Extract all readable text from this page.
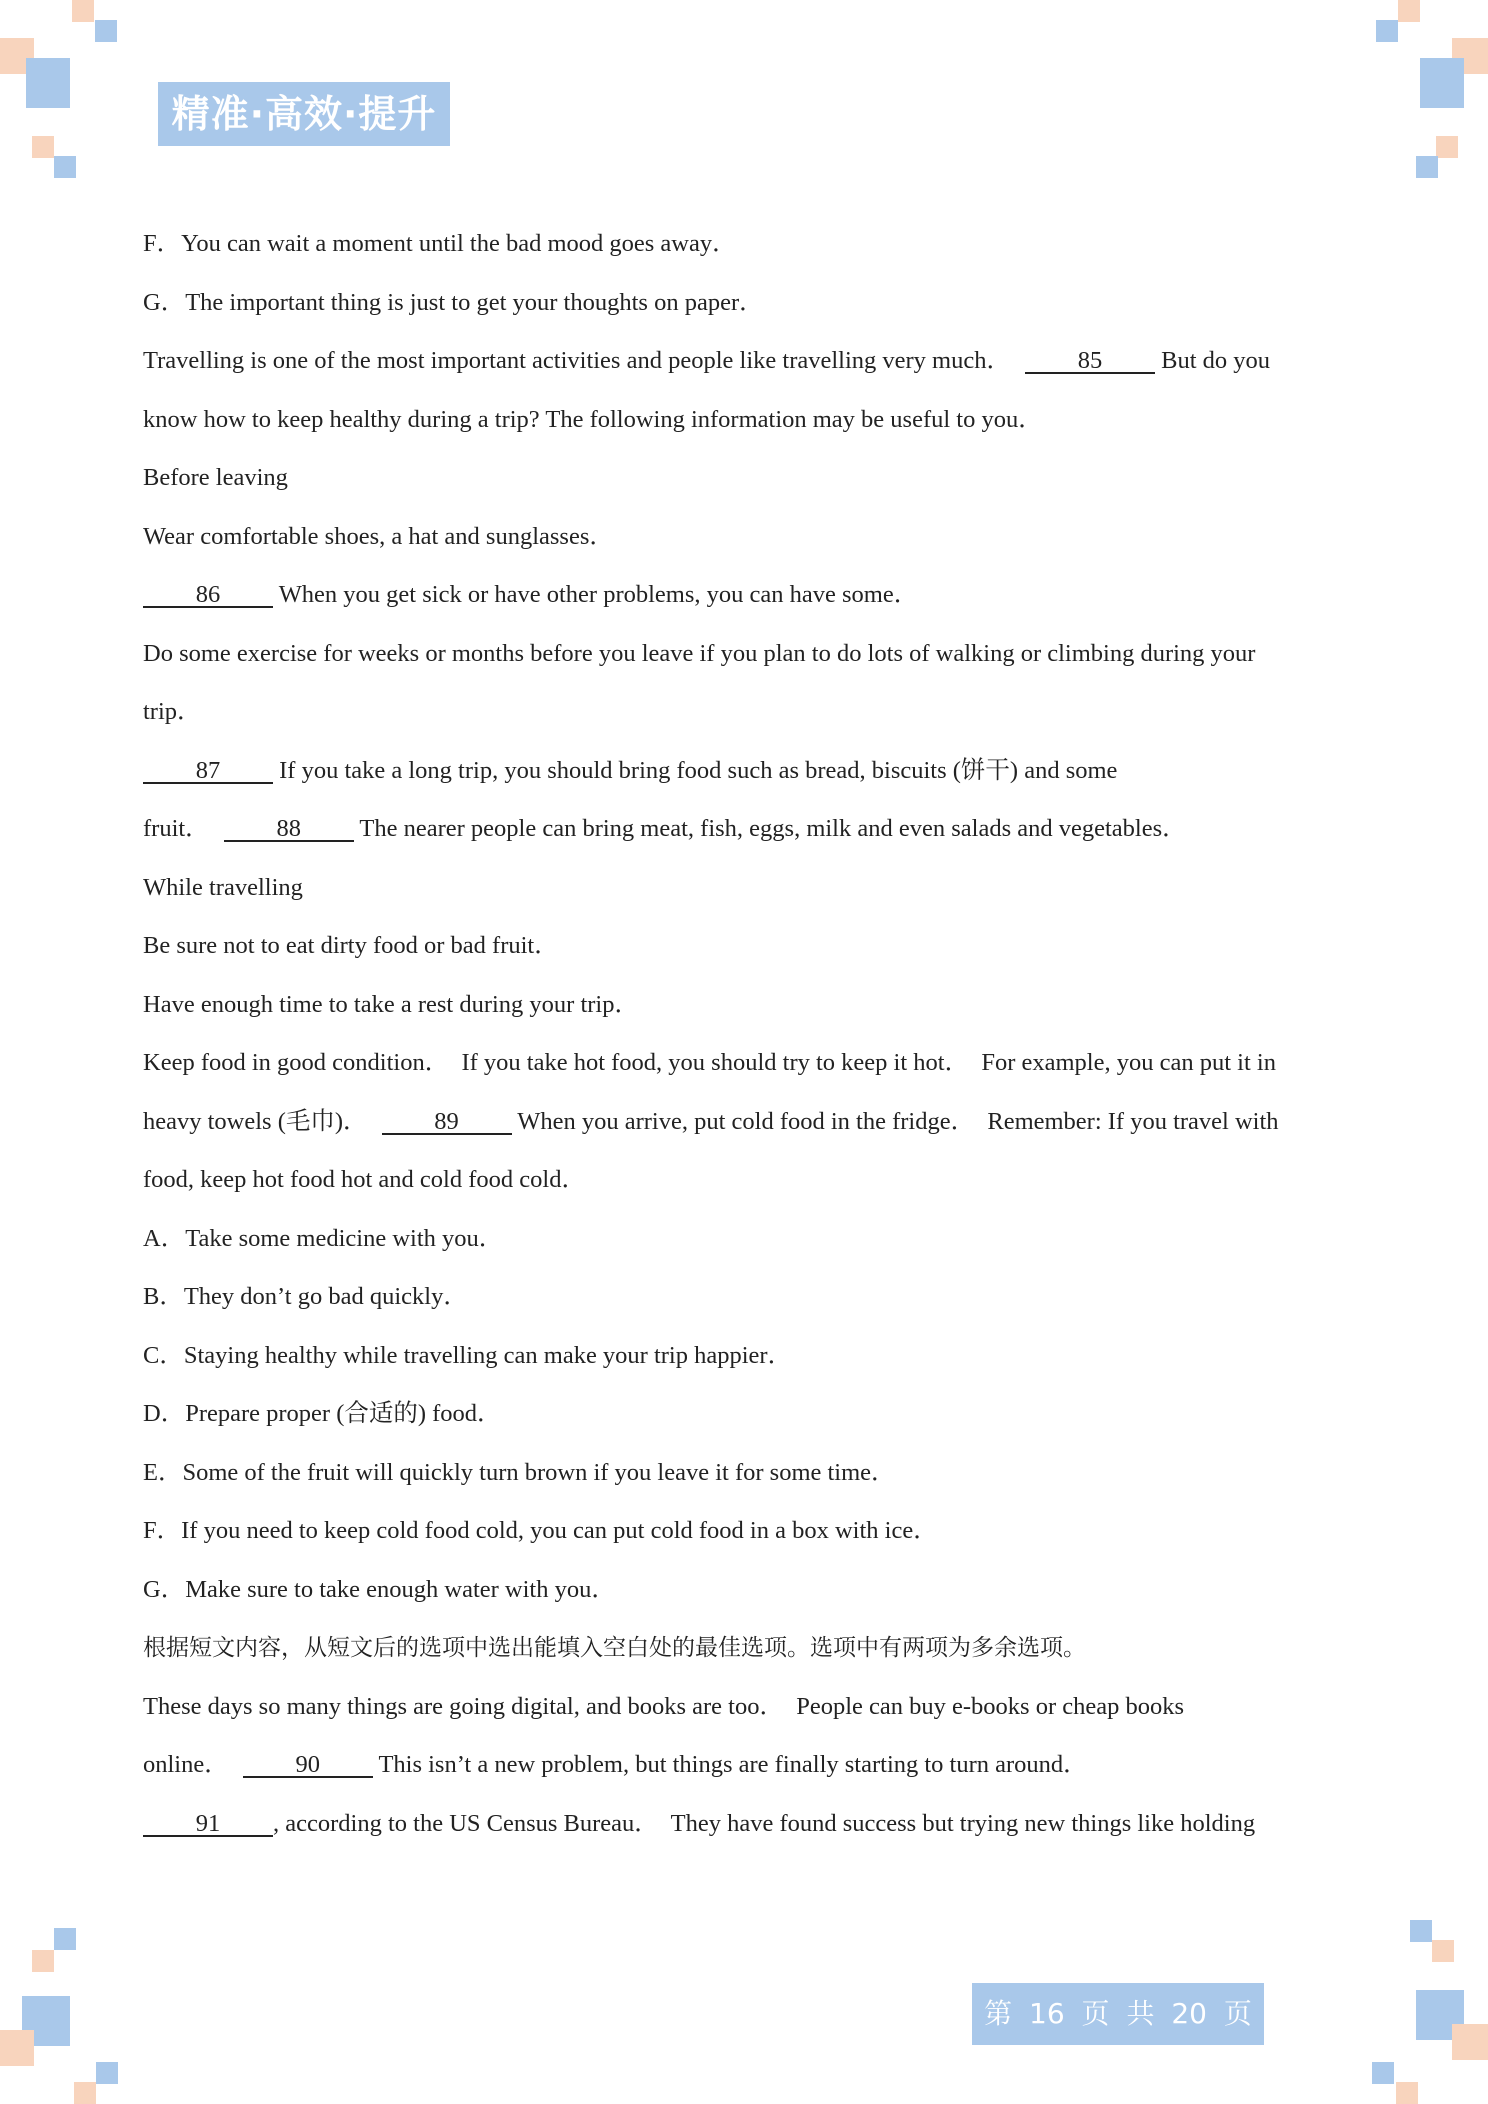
精准·高效·提升
F．You can wait a moment until the bad mood goes away．
G．The important thing is just to get your thoughts on paper．
Travelling is one of the most important activities and people like travelling very much．	85 But do you
know how to keep healthy during a trip? The following information may be useful to you．
Before leaving
Wear comfortable shoes, a hat and sunglasses．
86 When you get sick or have other problems, you can have some．
Do some exercise for weeks or months before you leave if you plan to do lots of walking or climbing during your
trip．
87 If you take a long trip, you should bring food such as bread, biscuits (饼干) and some
fruit．	88 The nearer people can bring meat, fish, eggs, milk and even salads and vegetables．
While travelling
Be sure not to eat dirty food or bad fruit．
Have enough time to take a rest during your trip．
Keep food in good condition．  If you take hot food, you should try to keep it hot．  For example, you can put it in
heavy towels (毛巾)．	89 When you arrive, put cold food in the fridge．  Remember: If you travel with
food, keep hot food hot and cold food cold．
A．Take some medicine with you．
B．They don’t go bad quickly．
C．Staying healthy while travelling can make your trip happier．
D．Prepare proper (合适的) food．
E．Some of the fruit will quickly turn brown if you leave it for some time．
F．If you need to keep cold food cold, you can put cold food in a box with ice．
G．Make sure to take enough water with you．
根据短文内容，从短文后的选项中选出能填入空白处的最佳选项。选项中有两项为多余选项。
These days so many things are going digital, and books are too．  People can buy e-books or cheap books
online．	90 This isn’t a new problem, but things are finally starting to turn around．
91 , according to the US Census Bureau．  They have found success but trying new things like holding
第 16 页 共 20 页
